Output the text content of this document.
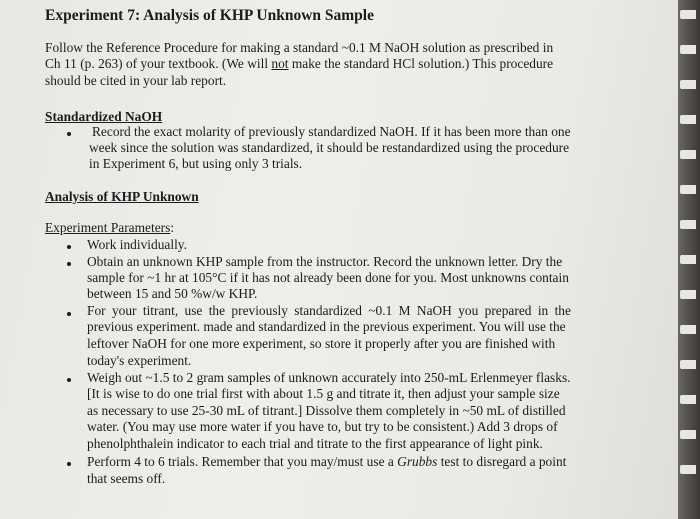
Experiment 7: Analysis of KHP Unknown Sample
Follow the Reference Procedure for making a standard ~0.1 M NaOH solution as prescribed in
Ch 11 (p. 263) of your textbook. (We will not make the standard HCl solution.) This procedure
should be cited in your lab report.
Standardized NaOH
Record the exact molarity of previously standardized NaOH. If it has been more than one
week since the solution was standardized, it should be restandardized using the procedure
in Experiment 6, but using only 3 trials.
Analysis of KHP Unknown
Experiment Parameters:
Work individually.
Obtain an unknown KHP sample from the instructor. Record the unknown letter. Dry the
sample for ~1 hr at 105°C if it has not already been done for you. Most unknowns contain
between 15 and 50 %w/w KHP.
For your titrant, use the previously standardized ~0.1 M NaOH you prepared in the
previous experiment. made and standardized in the previous experiment. You will use the
leftover NaOH for one more experiment, so store it properly after you are finished with
today's experiment.
Weigh out ~1.5 to 2 gram samples of unknown accurately into 250-mL Erlenmeyer flasks.
[It is wise to do one trial first with about 1.5 g and titrate it, then adjust your sample size
as necessary to use 25-30 mL of titrant.] Dissolve them completely in ~50 mL of distilled
water. (You may use more water if you have to, but try to be consistent.) Add 3 drops of
phenolphthalein indicator to each trial and titrate to the first appearance of light pink.
Perform 4 to 6 trials. Remember that you may/must use a Grubbs test to disregard a point
that seems off.
